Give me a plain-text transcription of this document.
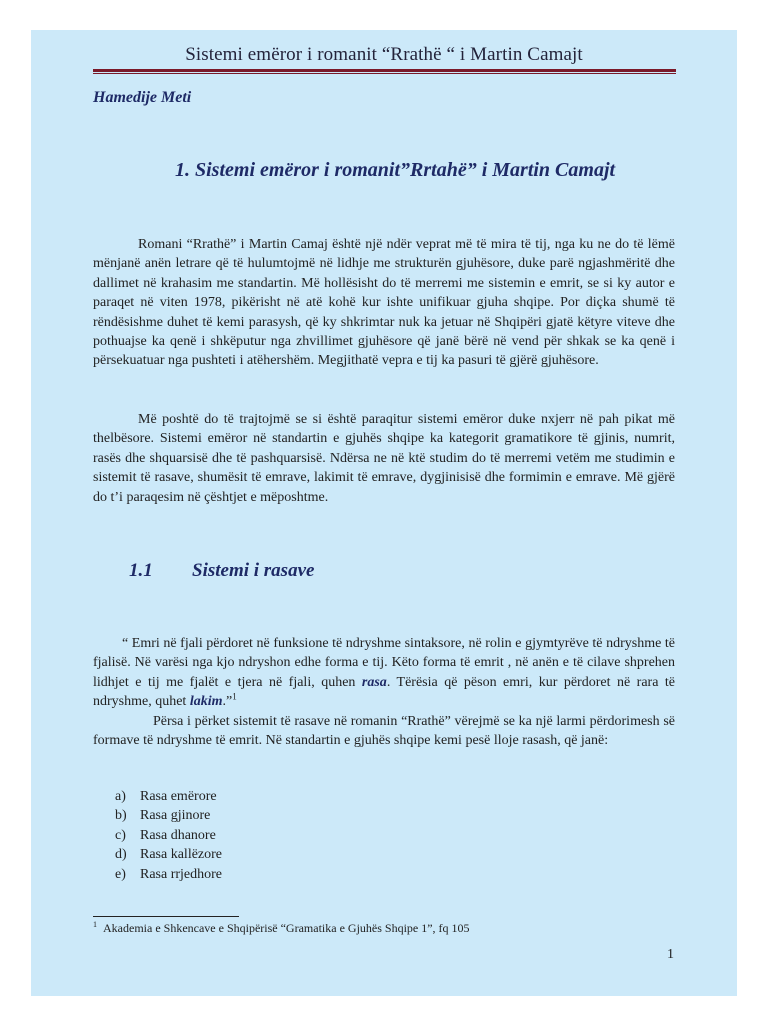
Sistemi emëror i romanit “Rrathë “ i Martin Camajt
Hamedije Meti
1. Sistemi emëror i romanit”Rrtahë” i Martin Camajt

Romani “Rrathë” i Martin Camaj është një ndër veprat më të mira të tij, nga ku ne do të lëmë mënjanë anën letrare që të hulumtojmë në lidhje me strukturën gjuhësore, duke parë ngjashmëritë dhe dallimet në krahasim me standartin. Më hollësisht do të merremi me sistemin e emrit, se si ky autor e paraqet në viten 1978, pikërisht në atë kohë kur ishte unifikuar gjuha shqipe. Por diçka shumë të rëndësishme duhet të kemi parasysh, që ky shkrimtar nuk ka jetuar në Shqipëri gjatë këtyre viteve dhe pothuajse ka qenë i shkëputur nga zhvillimet gjuhësore që janë bërë në vend për shkak se ka qenë i përsekuatuar nga pushteti i atëhershëm. Megjithatë vepra e tij ka pasuri të gjërë gjuhësore.

Më poshtë do të trajtojmë se si është paraqitur sistemi emëror duke nxjerr në pah pikat më thelbësore. Sistemi emëror në standartin e gjuhës shqipe ka kategorit gramatikore të gjinis, numrit, rasës dhe shquarsisë dhe të pashquarsisë. Ndërsa ne në ktë studim do të merremi vetëm me studimin e sistemit të rasave, shumësit të emrave, lakimit të emrave, dygjinisisë dhe formimin e emrave. Më gjërë do t’i paraqesim në çështjet e mëposhtme.

1.1 Sistemi i rasave

“ Emri në fjali përdoret në funksione të ndryshme sintaksore, në rolin e gjymtyrëve të ndryshme të fjalisë. Në varësi nga kjo ndryshon edhe forma e tij. Këto forma të emrit , në anën e të cilave shprehen lidhjet e tij me fjalët e tjera në fjali, quhen rasa. Tërësia që pëson emri, kur përdoret në rara të ndryshme, quhet lakim.”$^1$

Përsa i përket sistemit të rasave në romanin “Rrathë” vërejmë se ka një larmi përdorimesh së formave të ndryshme të emrit. Në standartin e gjuhës shqipe kemi pesë lloje rasash, që janë:

a)	Rasa emërore
b) Rasa gjinore
c)	Rasa dhanore
d) Rasa kallëzore
e)	Rasa rrjedhore
$^1$ Akademia e Shkencave e Shqipërisë “Gramatika e Gjuhës Shqipe 1”, fq 105
1
